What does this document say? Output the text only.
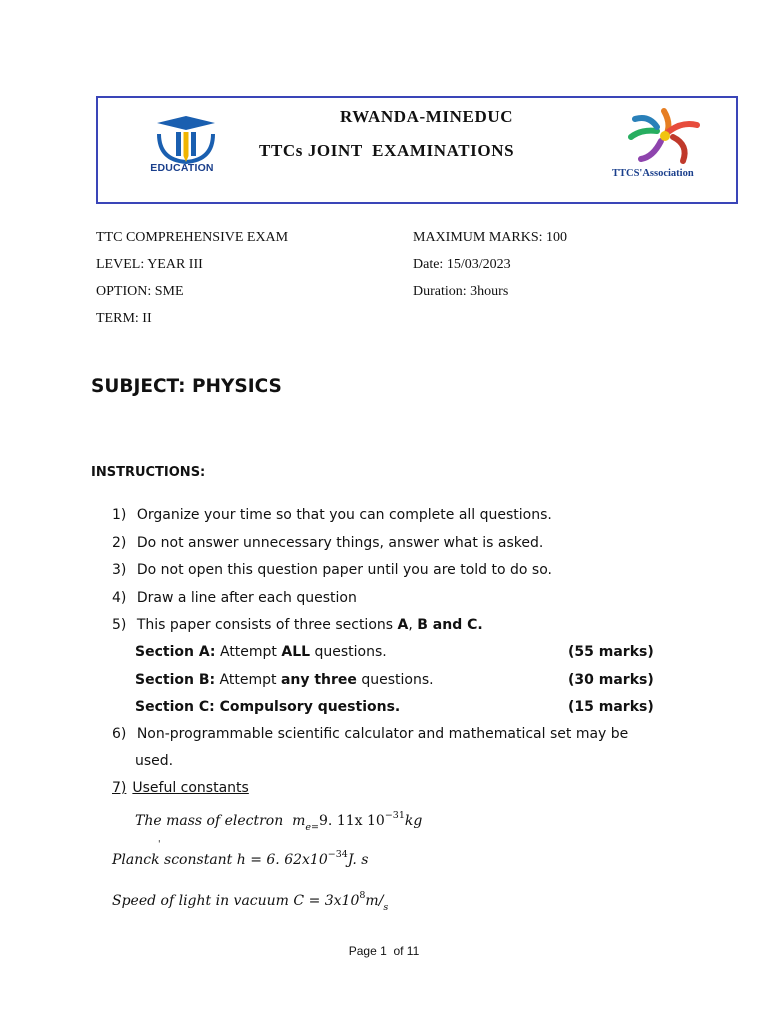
EDUCATION
RWANDA-MINEDUC
TTCs JOINT  EXAMINATIONS
TTCS'Association
TTC COMPREHENSIVE EXAM
LEVEL: YEAR III
OPTION: SME
TERM: II
MAXIMUM MARKS: 100
Date: 15/03/2023
Duration: 3hours
SUBJECT: PHYSICS
INSTRUCTIONS:
1) Organize your time so that you can complete all questions.
2) Do not answer unnecessary things, answer what is asked.
3) Do not open this question paper until you are told to do so.
4) Draw a line after each question
5) This paper consists of three sections A, B and C.
Section A: Attempt ALL questions.	(55 marks)
Section B: Attempt any three questions.	(30 marks)
Section C: Compulsory questions.	(15 marks)
6) Non-programmable scientific calculator and mathematical set may be
used.
7) Useful constants
The mass of electron  $m_{e=}9$. 11x $10^{-31}kg$
'
Planck sconstant h = 6. $62x10^{-34}J$. s
Speed of light in vacuum $C = 3x10^8m/_s$
Page 1  of 11
